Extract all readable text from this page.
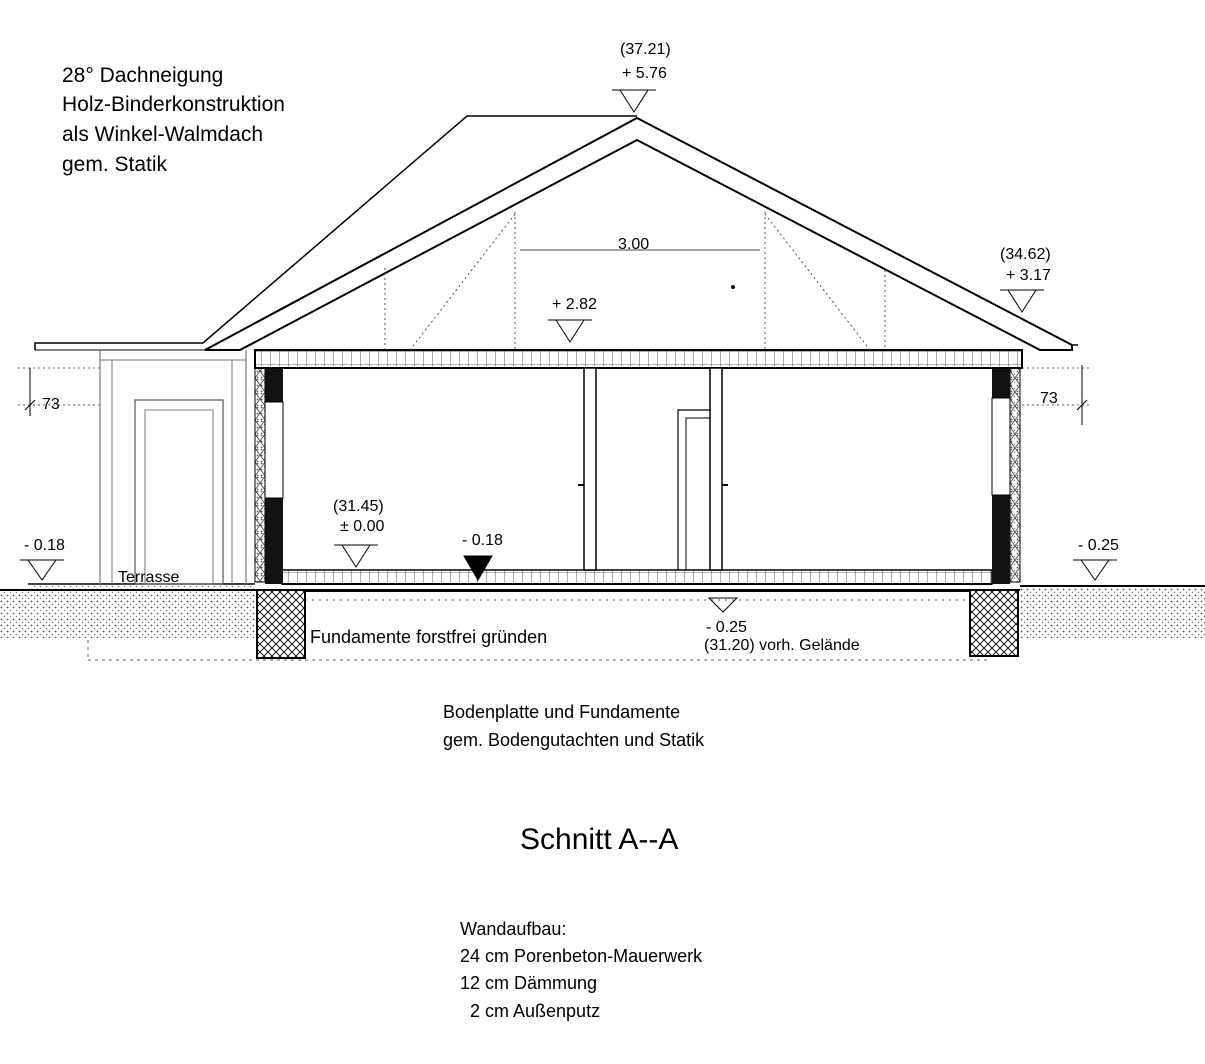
28° Dachneigung
Holz-Binderkonstruktion
als Winkel-Walmdach
gem. Statik
(37.21)
+ 5.76
(34.62)
+ 3.17
3.00
+ 2.82
73	73
(31.45)
± 0.00
- 0.18
Terrasse
- 0.18	- 0.25
Fundamente forstfrei gründen	- 0.25
(31.20) vorh. Gelände
Bodenplatte und Fundamente
gem. Bodengutachten und Statik
Schnitt A--A
Wandaufbau:
24 cm Porenbeton-Mauerwerk
12 cm Dämmung
2 cm Außenputz
